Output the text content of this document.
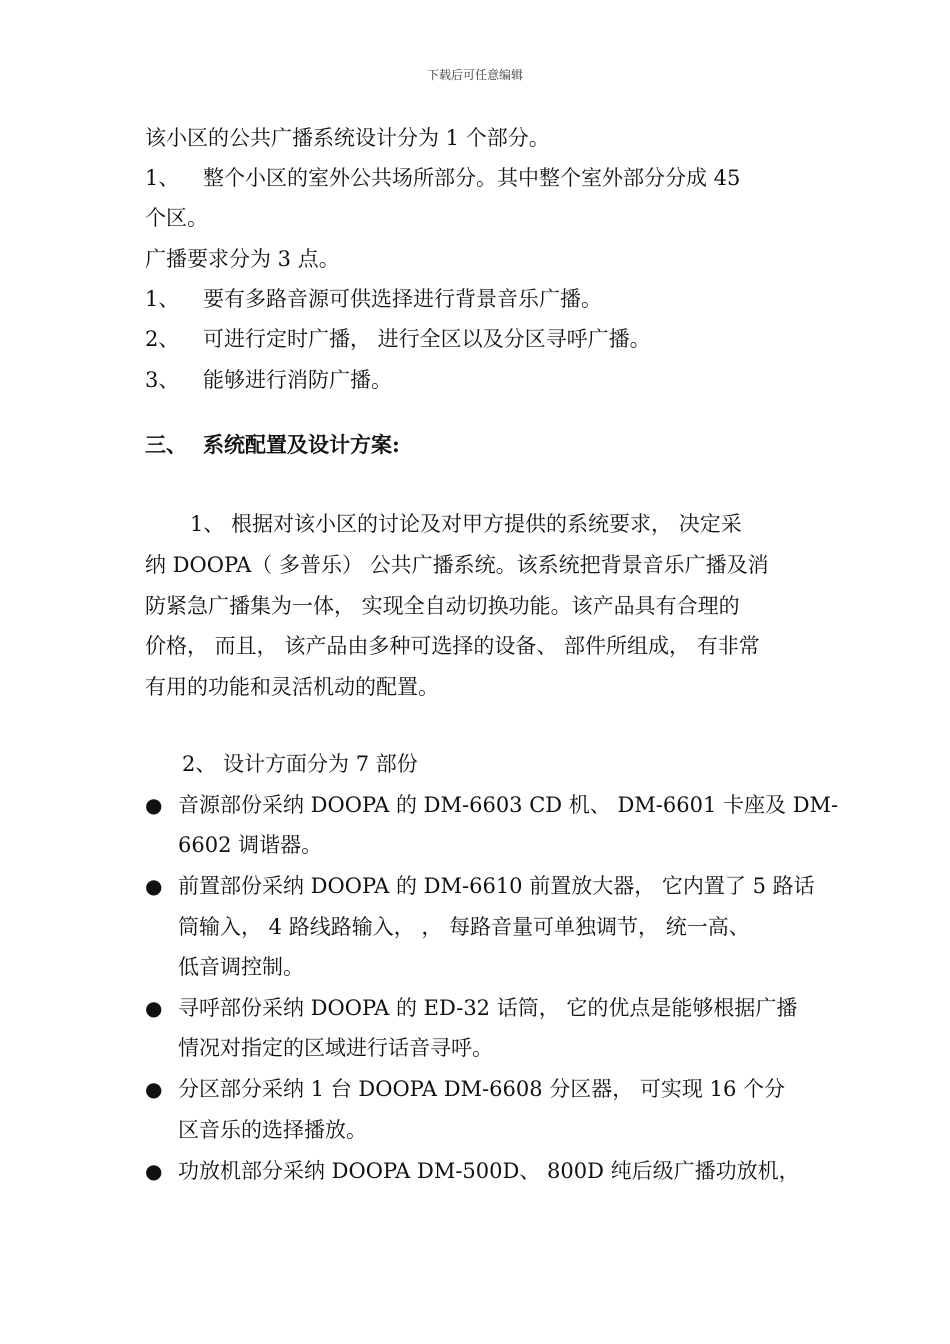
下载后可任意编辑
该小区的公共广播系统设计分为 1 个部分。
1、 整个小区的室外公共场所部分。其中整个室外部分分成 45
个区。
广播要求分为 3 点。
1、 要有多路音源可供选择进行背景音乐广播。
2、 可进行定时广播， 进行全区以及分区寻呼广播。
3、 能够进行消防广播。
三、 系统配置及设计方案:
1、 根据对该小区的讨论及对甲方提供的系统要求， 决定采
纳 DOOPA（ 多普乐） 公共广播系统。该系统把背景音乐广播及消
防紧急广播集为一体， 实现全自动切换功能。该产品具有合理的
价格， 而且， 该产品由多种可选择的设备、 部件所组成， 有非常
有用的功能和灵活机动的配置。
2、 设计方面分为 7 部份
● 音源部份采纳 DOOPA 的 DM-6603 CD 机、 DM-6601 卡座及 DM-
6602 调谐器。
● 前置部份采纳 DOOPA 的 DM-6610 前置放大器， 它内置了 5 路话
筒输入， 4 路线路输入， ， 每路音量可单独调节， 统一高、
低音调控制。
● 寻呼部份采纳 DOOPA 的 ED-32 话筒， 它的优点是能够根据广播
情况对指定的区域进行话音寻呼。
● 分区部分采纳 1 台 DOOPA DM-6608 分区器， 可实现 16 个分
区音乐的选择播放。
● 功放机部分采纳 DOOPA DM-500D、 800D 纯后级广播功放机，
